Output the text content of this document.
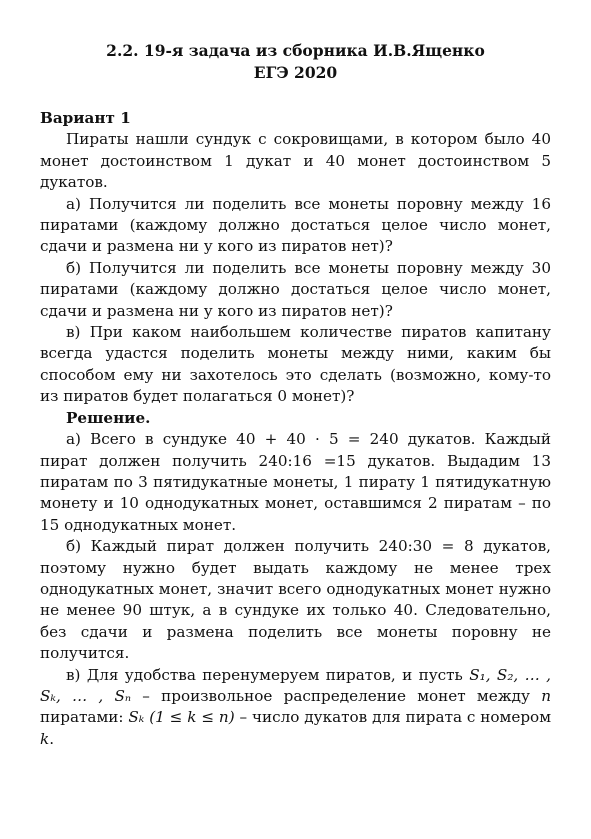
2.2. 19-я задача из сборника И.В.Ященко
ЕГЭ 2020

Вариант 1

Пираты нашли сундук с сокровищами, в котором было 40 монет достоинством 1 дукат и 40 монет достоинством 5 дукатов.

а) Получится ли поделить все монеты поровну между 16 пиратами (каждому должно достаться целое число монет, сдачи и размена ни у кого из пиратов нет)?

б) Получится ли поделить все монеты поровну между 30 пиратами (каждому должно достаться целое число монет, сдачи и размена ни у кого из пиратов нет)?

в) При каком наибольшем количестве пиратов капитану всегда удастся поделить монеты между ними, каким бы способом ему ни захотелось это сделать (возможно, кому-то из пиратов будет полагаться 0 монет)?

Решение.

а) Всего в сундуке 40 + 40 · 5 = 240 дукатов. Каждый пират должен получить 240:16 =15 дукатов. Выдадим 13 пиратам по 3 пятидукатные монеты, 1 пирату 1 пятидукатную монету и 10 однодукатных монет, оставшимся 2 пиратам – по 15 однодукатных монет.

б) Каждый пират должен получить 240:30 = 8 дукатов, поэтому нужно будет выдать каждому не менее трех однодукатных монет, значит всего однодукатных монет нужно не менее 90 штук, а в сундуке их только 40. Следовательно, без сдачи и размена поделить все монеты поровну не получится.

в) Для удобства перенумеруем пиратов, и пусть S₁, S₂, … , Sₖ, … , Sₙ – произвольное распределение монет между n пиратами: Sₖ (1 ≤ k ≤ n) – число дукатов для пирата с номером k.
